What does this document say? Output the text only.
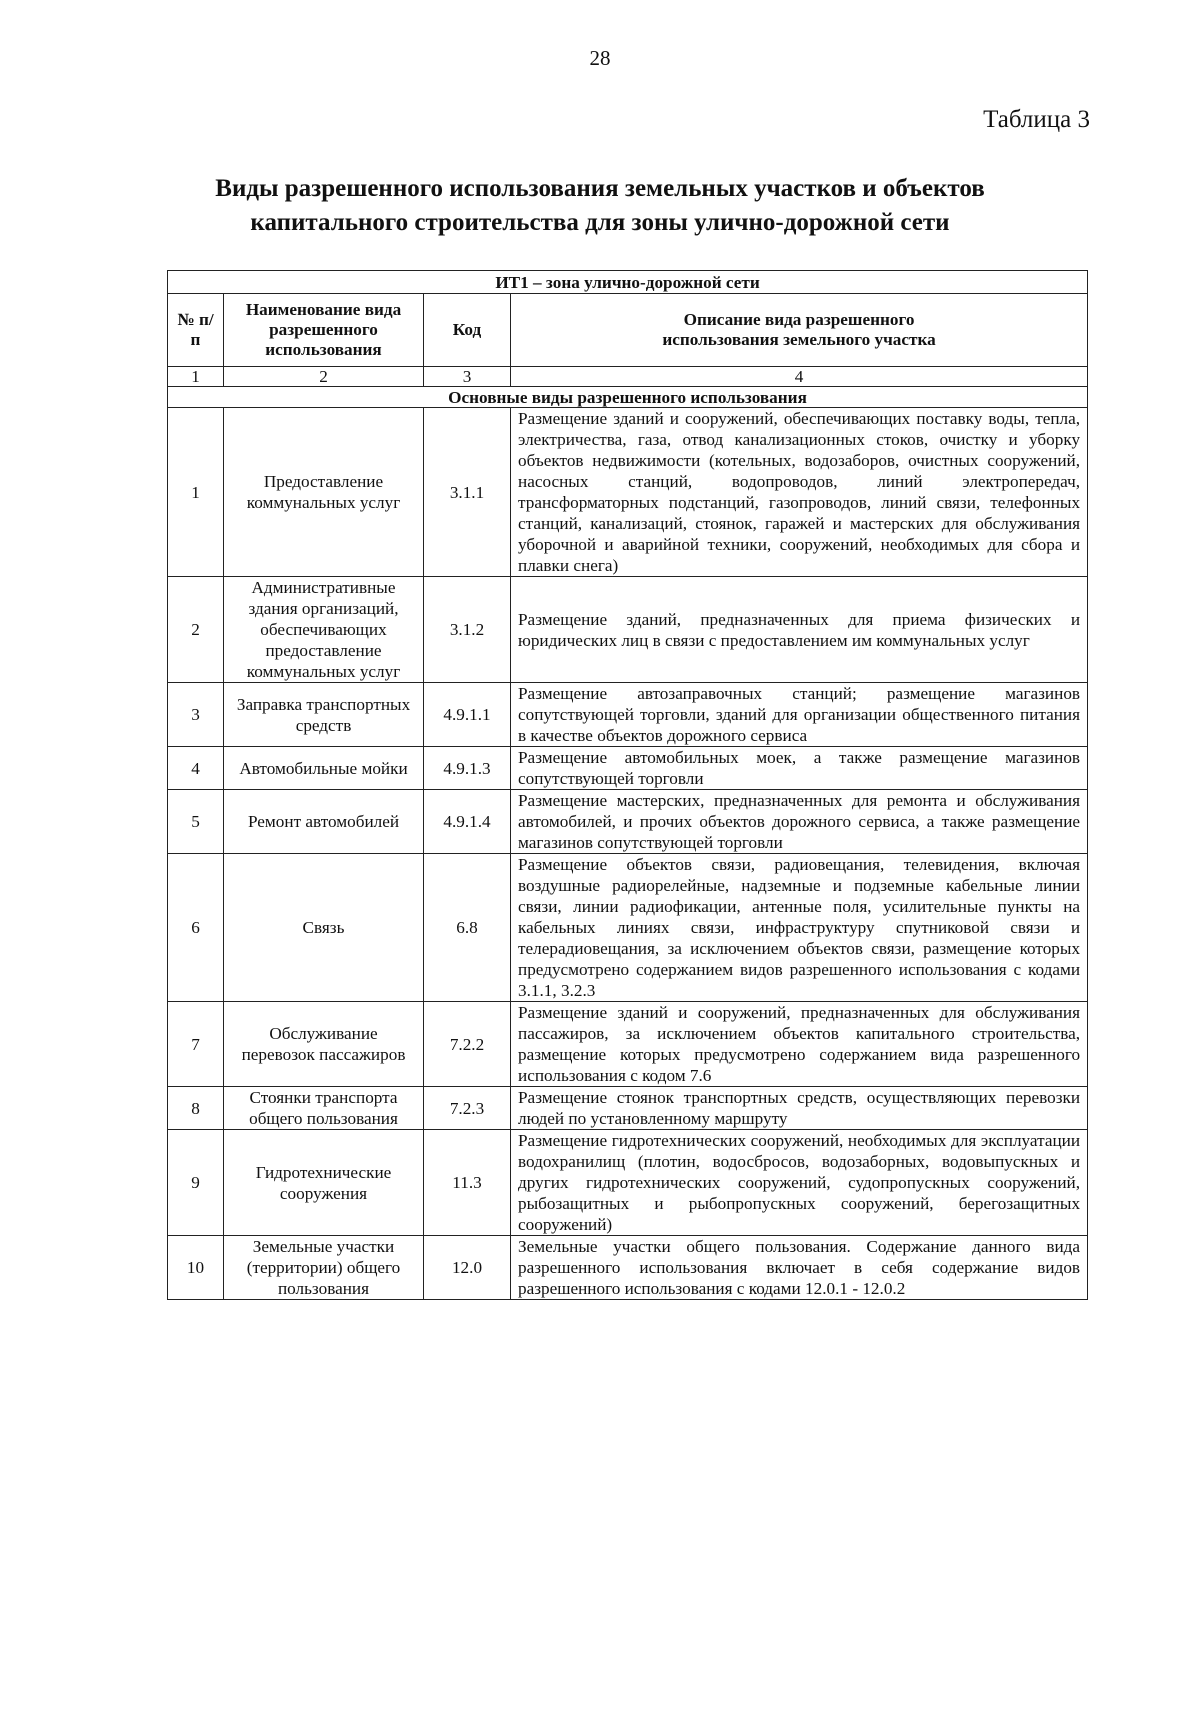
28
Таблица 3
Виды разрешенного использования земельных участков и объектов
капитального строительства для зоны улично-дорожной сети
ИТ1 – зона улично-дорожной сети			
№ п/п	Наименование вида разрешенного использования	Код	Описание вида разрешенного использования земельного участка
1	2	3	4
Основные виды разрешенного использования			
1	Предоставление коммунальных услуг	3.1.1	Размещение зданий и сооружений, обеспечивающих поставку воды, тепла, электричества, газа, отвод канализационных стоков, очистку и уборку объектов недвижимости (котельных, водозаборов, очистных сооружений, насосных станций, водопроводов, линий электропередач, трансформаторных подстанций, газопроводов, линий связи, телефонных станций, канализаций, стоянок, гаражей и мастерских для обслуживания уборочной и аварийной техники, сооружений, необходимых для сбора и плавки снега)
2	Административные здания организаций, обеспечивающих предоставление коммунальных услуг	3.1.2	Размещение зданий, предназначенных для приема физических и юридических лиц в связи с предоставлением им коммунальных услуг
3	Заправка транспортных средств	4.9.1.1	Размещение автозаправочных станций; размещение магазинов сопутствующей торговли, зданий для организации общественного питания в качестве объектов дорожного сервиса
4	Автомобильные мойки	4.9.1.3	Размещение автомобильных моек, а также размещение магазинов сопутствующей торговли
5	Ремонт автомобилей	4.9.1.4	Размещение мастерских, предназначенных для ремонта и обслуживания автомобилей, и прочих объектов дорожного сервиса, а также размещение магазинов сопутствующей торговли
6	Связь	6.8	Размещение объектов связи, радиовещания, телевидения, включая воздушные радиорелейные, надземные и подземные кабельные линии связи, линии радиофикации, антенные поля, усилительные пункты на кабельных линиях связи, инфраструктуру спутниковой связи и телерадиовещания, за исключением объектов связи, размещение которых предусмотрено содержанием видов разрешенного использования с кодами 3.1.1, 3.2.3
7	Обслуживание перевозок пассажиров	7.2.2	Размещение зданий и сооружений, предназначенных для обслуживания пассажиров, за исключением объектов капитального строительства, размещение которых предусмотрено содержанием вида разрешенного использования с кодом 7.6
8	Стоянки транспорта общего пользования	7.2.3	Размещение стоянок транспортных средств, осуществляющих перевозки людей по установленному маршруту
9	Гидротехнические сооружения	11.3	Размещение гидротехнических сооружений, необходимых для эксплуатации водохранилищ (плотин, водосбросов, водозаборных, водовыпускных и других гидротехнических сооружений, судопропускных сооружений, рыбозащитных и рыбопропускных сооружений, берегозащитных сооружений)
10	Земельные участки (территории) общего пользования	12.0	Земельные участки общего пользования. Содержание данного вида разрешенного использования включает в себя содержание видов разрешенного использования с кодами 12.0.1 - 12.0.2
